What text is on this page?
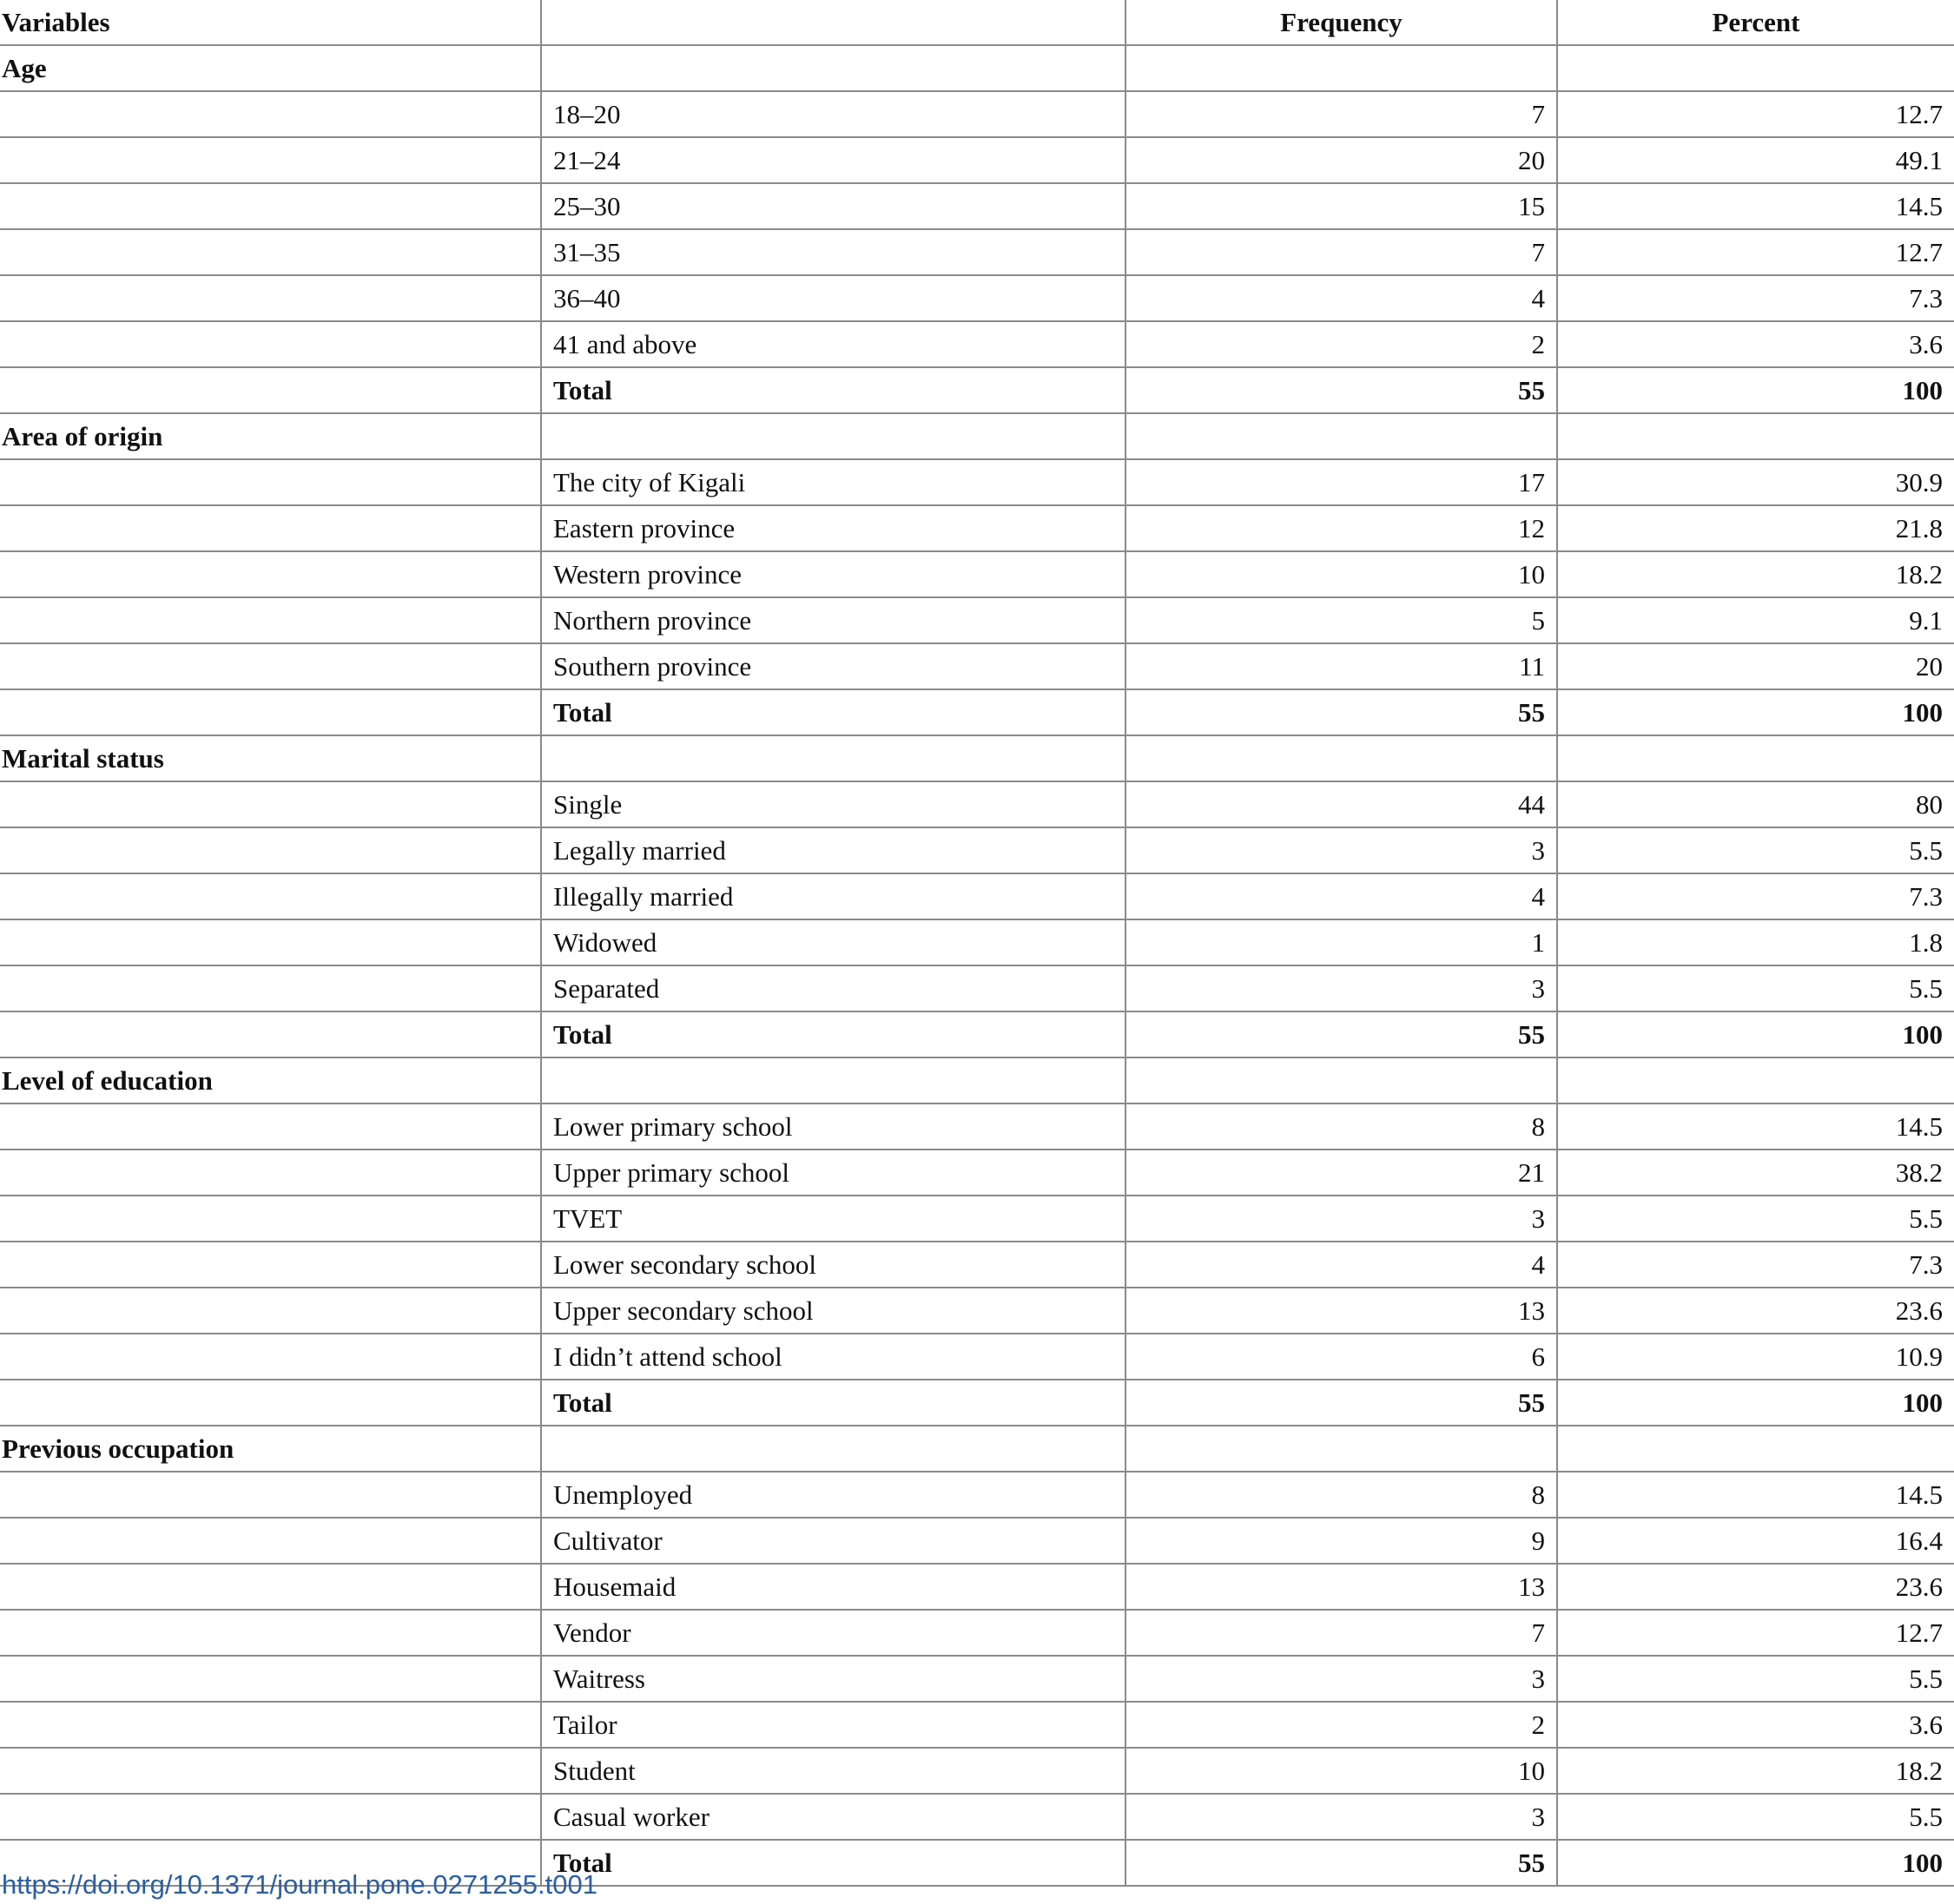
Variables		Frequency	Percent
Age			
	18–20	7	12.7
	21–24	20	49.1
	25–30	15	14.5
	31–35	7	12.7
	36–40	4	7.3
	41 and above	2	3.6
	Total	55	100
Area of origin			
	The city of Kigali	17	30.9
	Eastern province	12	21.8
	Western province	10	18.2
	Northern province	5	9.1
	Southern province	11	20
	Total	55	100
Marital status			
	Single	44	80
	Legally married	3	5.5
	Illegally married	4	7.3
	Widowed	1	1.8
	Separated	3	5.5
	Total	55	100
Level of education			
	Lower primary school	8	14.5
	Upper primary school	21	38.2
	TVET	3	5.5
	Lower secondary school	4	7.3
	Upper secondary school	13	23.6
	I didn’t attend school	6	10.9
	Total	55	100
Previous occupation			
	Unemployed	8	14.5
	Cultivator	9	16.4
	Housemaid	13	23.6
	Vendor	7	12.7
	Waitress	3	5.5
	Tailor	2	3.6
	Student	10	18.2
	Casual worker	3	5.5
	Total	55	100
https://doi.org/10.1371/journal.pone.0271255.t001
